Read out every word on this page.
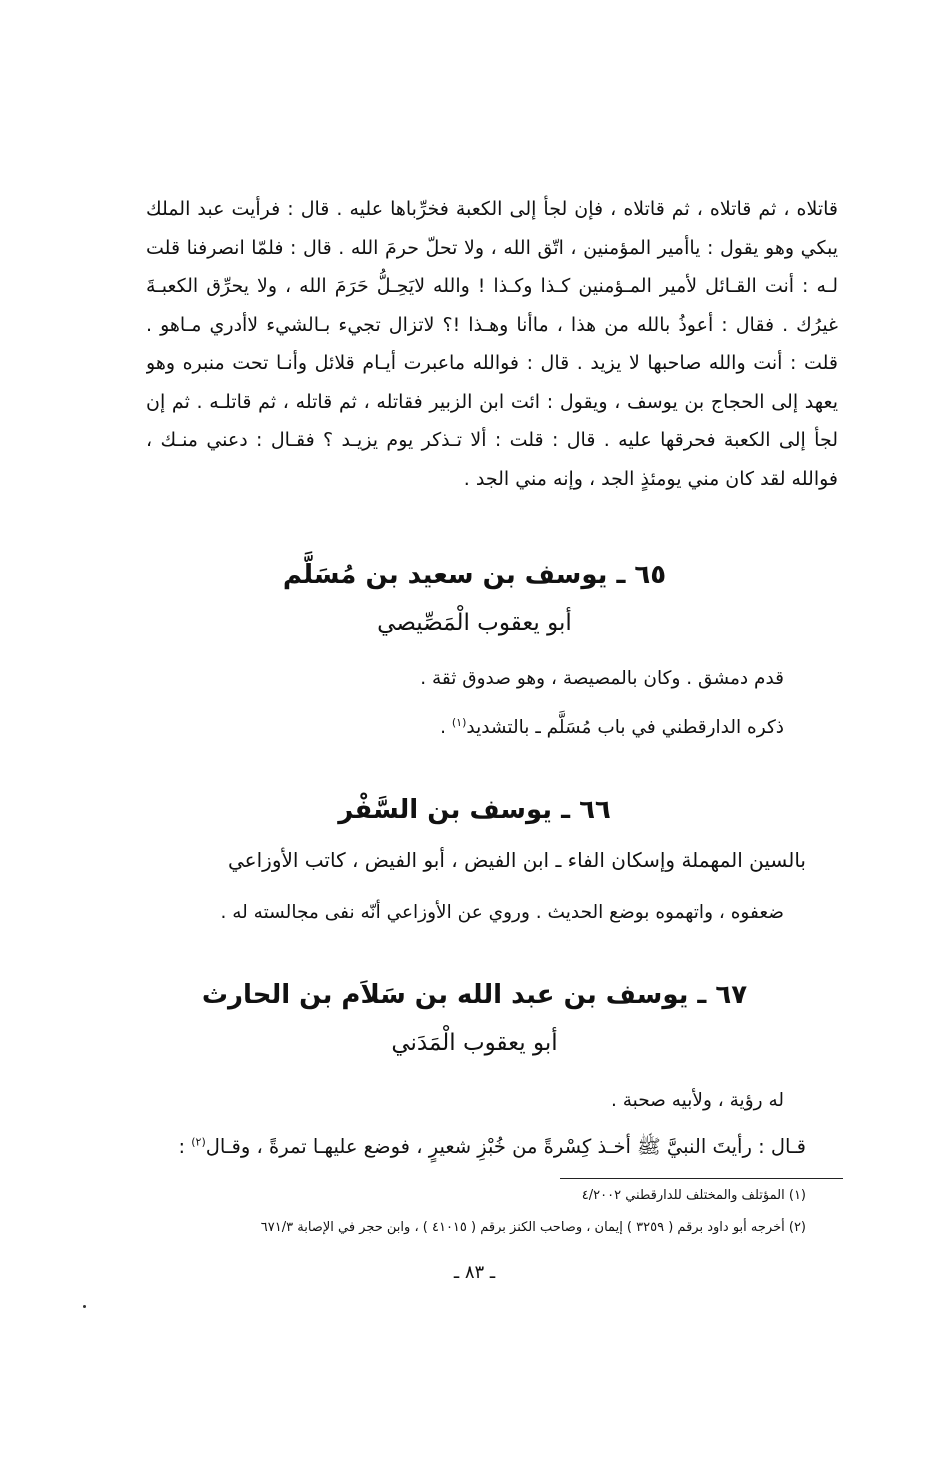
قاتلاه ، ثم قاتلاه ، ثم قاتلاه ، فإن لجأ إلى الكعبة فخرِّباها عليه . قال : فرأيت عبد الملك
يبكي وهو يقول : ياأمير المؤمنين ، اتّق الله ، ولا تحلّ حرمَ الله . قال : فلمّا انصرفنا قلت
لـه : أنت القـائل لأمير المـؤمنين كـذا وكـذا ! والله لايَحِـلُّ حَرَمَ الله ، ولا يحرِّق الكعبـةَ
غيرُك . فقال : أعوذُ بالله من هذا ، ماأنا وهـذا !؟ لاتزال تجيء بـالشيء لاأدري مـاهو .
قلت : أنت والله صاحبها لا يزيد . قال : فوالله ماعبرت أيـام قلائل وأنـا تحت منبره وهو
يعهد إلى الحجاج بن يوسف ، ويقول : ائت ابن الزبير فقاتله ، ثم قاتله ، ثم قاتلـه . ثم إن
لجأ إلى الكعبة فحرقها عليه . قال : قلت : ألا تـذكر يوم يزيـد ؟ فقـال : دعني منـك ،
فوالله لقد كان مني يومئذٍ الجد ، وإنه مني الجد .
٦٥ ـ يوسف بن سعيد بن مُسَلَّم
أبو يعقوب الْمَصِّيصي
قدم دمشق . وكان بالمصيصة ، وهو صدوق ثقة .
ذكره الدارقطني في باب مُسَلَّم ـ بالتشديد$^{(١)}$ .
٦٦ ـ يوسف بن السَّفْر
بالسين المهملة وإسكان الفاء ـ ابن الفيض ، أبو الفيض ، كاتب الأوزاعي
ضعفوه ، واتهموه بوضع الحديث . وروي عن الأوزاعي أنّه نفى مجالسته له .
٦٧ ـ يوسف بن عبد الله بن سَلاَم بن الحارث
أبو يعقوب الْمَدَني
له رؤية ، ولأبيه صحبة .
قـال : رأيتَ النبيَّ ﷺ أخـذ كِسْرةً من خُبْزِ شعيرٍ ، فوضع عليهـا تمرةً ، وقـال$^{(٢)}$ :
(١) المؤتلف والمختلف للدارقطني ٤/٢٠٠٢
(٢) أخرجه أبو داود برقم ( ٣٢٥٩ ) إيمان ، وصاحب الكنز برقم ( ٤١٠١٥ ) ، وابن حجر في الإصابة ٦٧١/٣
ـ ٨٣ ـ
